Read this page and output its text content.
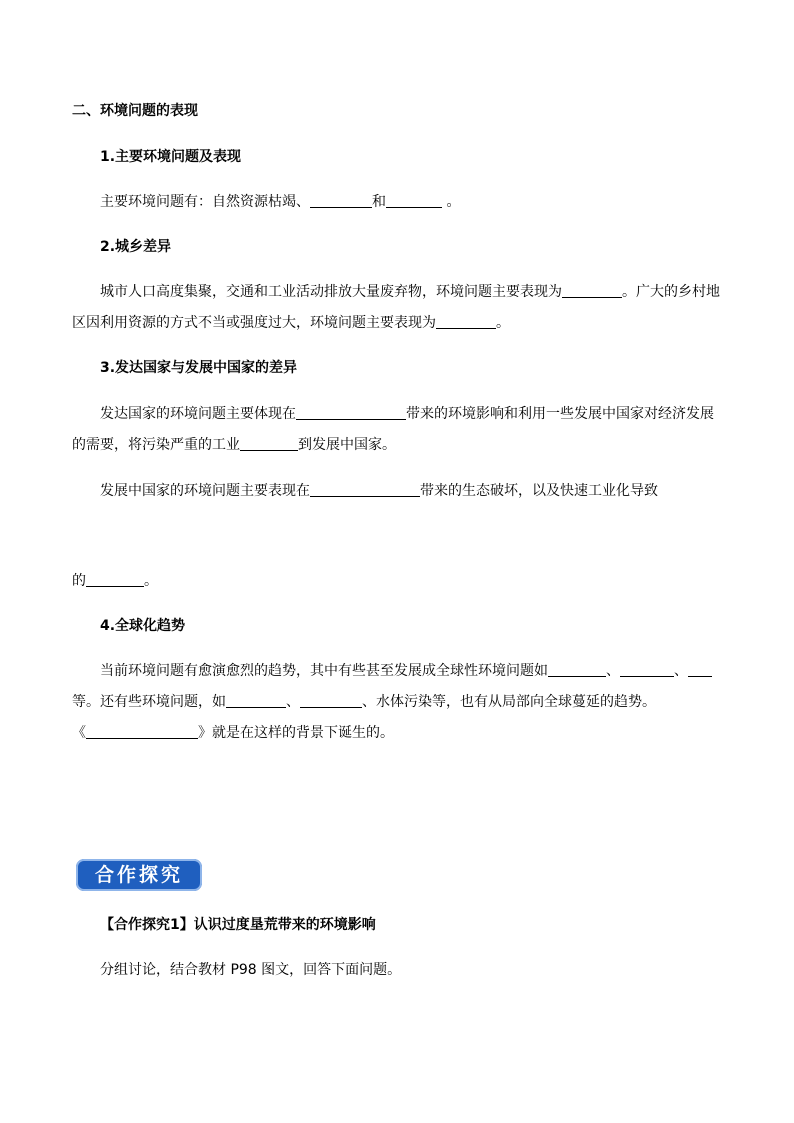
二、环境问题的表现
1.主要环境问题及表现
主要环境问题有：自然资源枯竭、	和	。
2.城乡差异
城市人口高度集聚，交通和工业活动排放大量废弃物，环境问题主要表现为	。广大的乡村地
区因利用资源的方式不当或强度过大，环境问题主要表现为	。
3.发达国家与发展中国家的差异
发达国家的环境问题主要体现在	带来的环境影响和利用一些发展中国家对经济发展
的需要，将污染严重的工业	到发展中国家。
发展中国家的环境问题主要表现在	带来的生态破坏，以及快速工业化导致
的	。
4.全球化趋势
当前环境问题有愈演愈烈的趋势，其中有些甚至发展成全球性环境问题如	、	、
等。还有些环境问题，如	、	、水体污染等，也有从局部向全球蔓延的趋势。
《	》就是在这样的背景下诞生的。
合作探究
【合作探究1】认识过度垦荒带来的环境影响
分组讨论，结合教材 P98 图文，回答下面问题。
